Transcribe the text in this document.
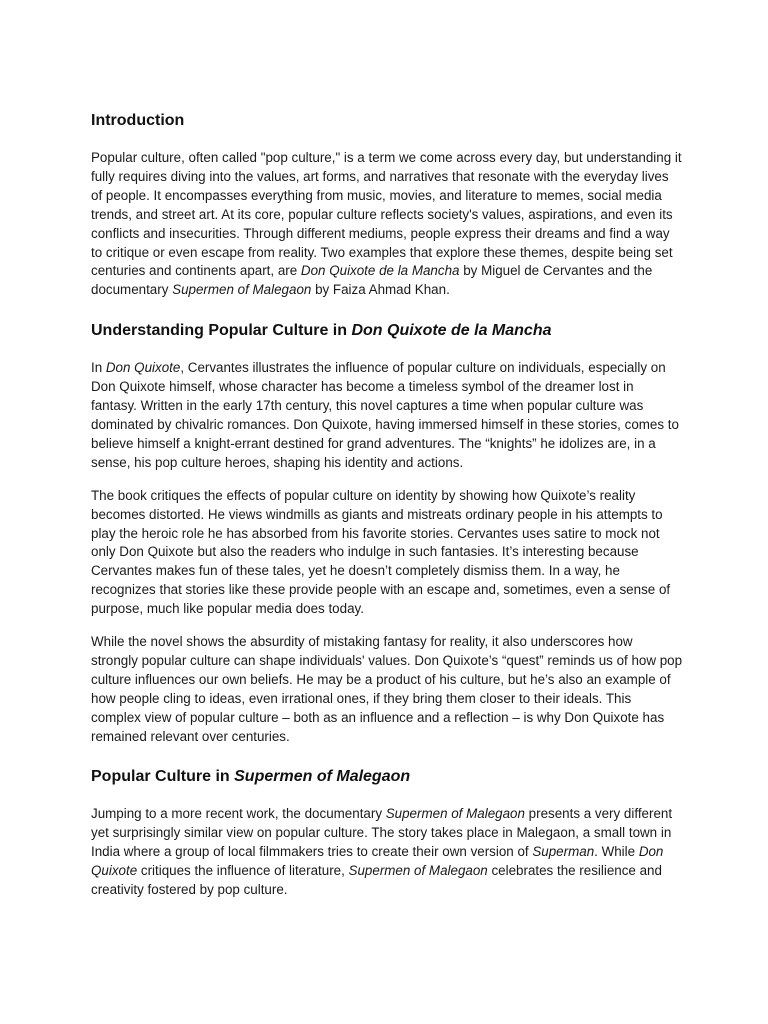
Introduction

Popular culture, often called "pop culture," is a term we come across every day, but understanding it fully requires diving into the values, art forms, and narratives that resonate with the everyday lives of people. It encompasses everything from music, movies, and literature to memes, social media trends, and street art. At its core, popular culture reflects society's values, aspirations, and even its conflicts and insecurities. Through different mediums, people express their dreams and find a way to critique or even escape from reality. Two examples that explore these themes, despite being set centuries and continents apart, are Don Quixote de la Mancha by Miguel de Cervantes and the documentary Supermen of Malegaon by Faiza Ahmad Khan.

Understanding Popular Culture in Don Quixote de la Mancha

In Don Quixote, Cervantes illustrates the influence of popular culture on individuals, especially on Don Quixote himself, whose character has become a timeless symbol of the dreamer lost in fantasy. Written in the early 17th century, this novel captures a time when popular culture was dominated by chivalric romances. Don Quixote, having immersed himself in these stories, comes to believe himself a knight-errant destined for grand adventures. The “knights” he idolizes are, in a sense, his pop culture heroes, shaping his identity and actions.

The book critiques the effects of popular culture on identity by showing how Quixote’s reality becomes distorted. He views windmills as giants and mistreats ordinary people in his attempts to play the heroic role he has absorbed from his favorite stories. Cervantes uses satire to mock not only Don Quixote but also the readers who indulge in such fantasies. It’s interesting because Cervantes makes fun of these tales, yet he doesn’t completely dismiss them. In a way, he recognizes that stories like these provide people with an escape and, sometimes, even a sense of purpose, much like popular media does today.

While the novel shows the absurdity of mistaking fantasy for reality, it also underscores how strongly popular culture can shape individuals' values. Don Quixote’s “quest” reminds us of how pop culture influences our own beliefs. He may be a product of his culture, but he’s also an example of how people cling to ideas, even irrational ones, if they bring them closer to their ideals. This complex view of popular culture – both as an influence and a reflection – is why Don Quixote has remained relevant over centuries.

Popular Culture in Supermen of Malegaon

Jumping to a more recent work, the documentary Supermen of Malegaon presents a very different yet surprisingly similar view on popular culture. The story takes place in Malegaon, a small town in India where a group of local filmmakers tries to create their own version of Superman. While Don Quixote critiques the influence of literature, Supermen of Malegaon celebrates the resilience and creativity fostered by pop culture.
